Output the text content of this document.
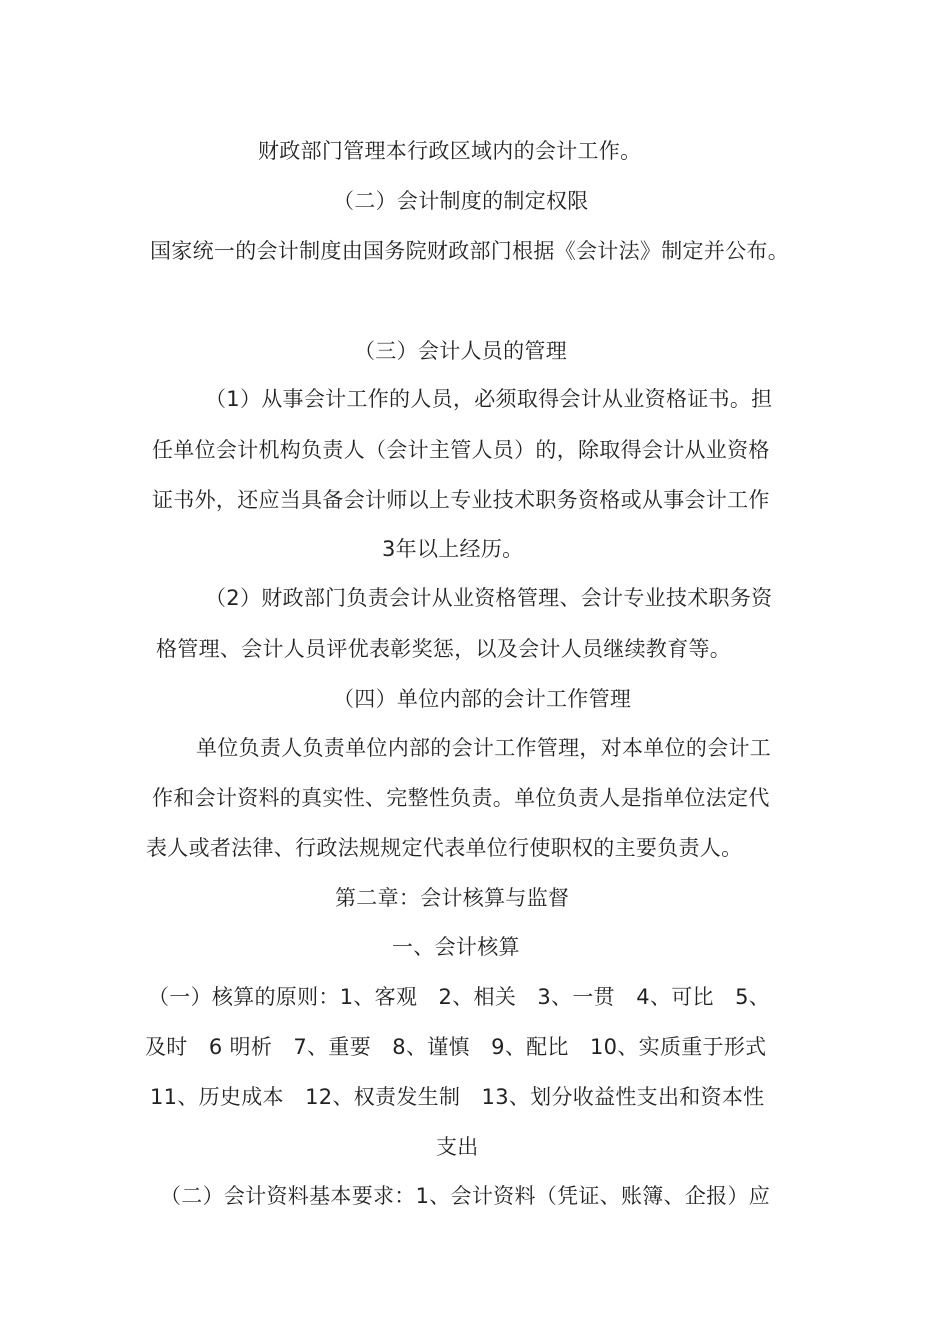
财政部门管理本行政区域内的会计工作。
（二）会计制度的制定权限
国家统一的会计制度由国务院财政部门根据《会计法》制定并公布。
（三）会计人员的管理
（1）从事会计工作的人员，必须取得会计从业资格证书。担
任单位会计机构负责人（会计主管人员）的，除取得会计从业资格
证书外，还应当具备会计师以上专业技术职务资格或从事会计工作
3年以上经历。
（2）财政部门负责会计从业资格管理、会计专业技术职务资
格管理、会计人员评优表彰奖惩，以及会计人员继续教育等。
（四）单位内部的会计工作管理
单位负责人负责单位内部的会计工作管理，对本单位的会计工
作和会计资料的真实性、完整性负责。单位负责人是指单位法定代
表人或者法律、行政法规规定代表单位行使职权的主要负责人。
第二章：会计核算与监督
一、会计核算
（一）核算的原则：1、客观　2、相关　3、一贯　4、可比　5、
及时　6 明析　7、重要　8、谨慎　9、配比　10、实质重于形式
11、历史成本　12、权责发生制　13、划分收益性支出和资本性
支出
（二）会计资料基本要求：1、会计资料（凭证、账簿、企报）应
